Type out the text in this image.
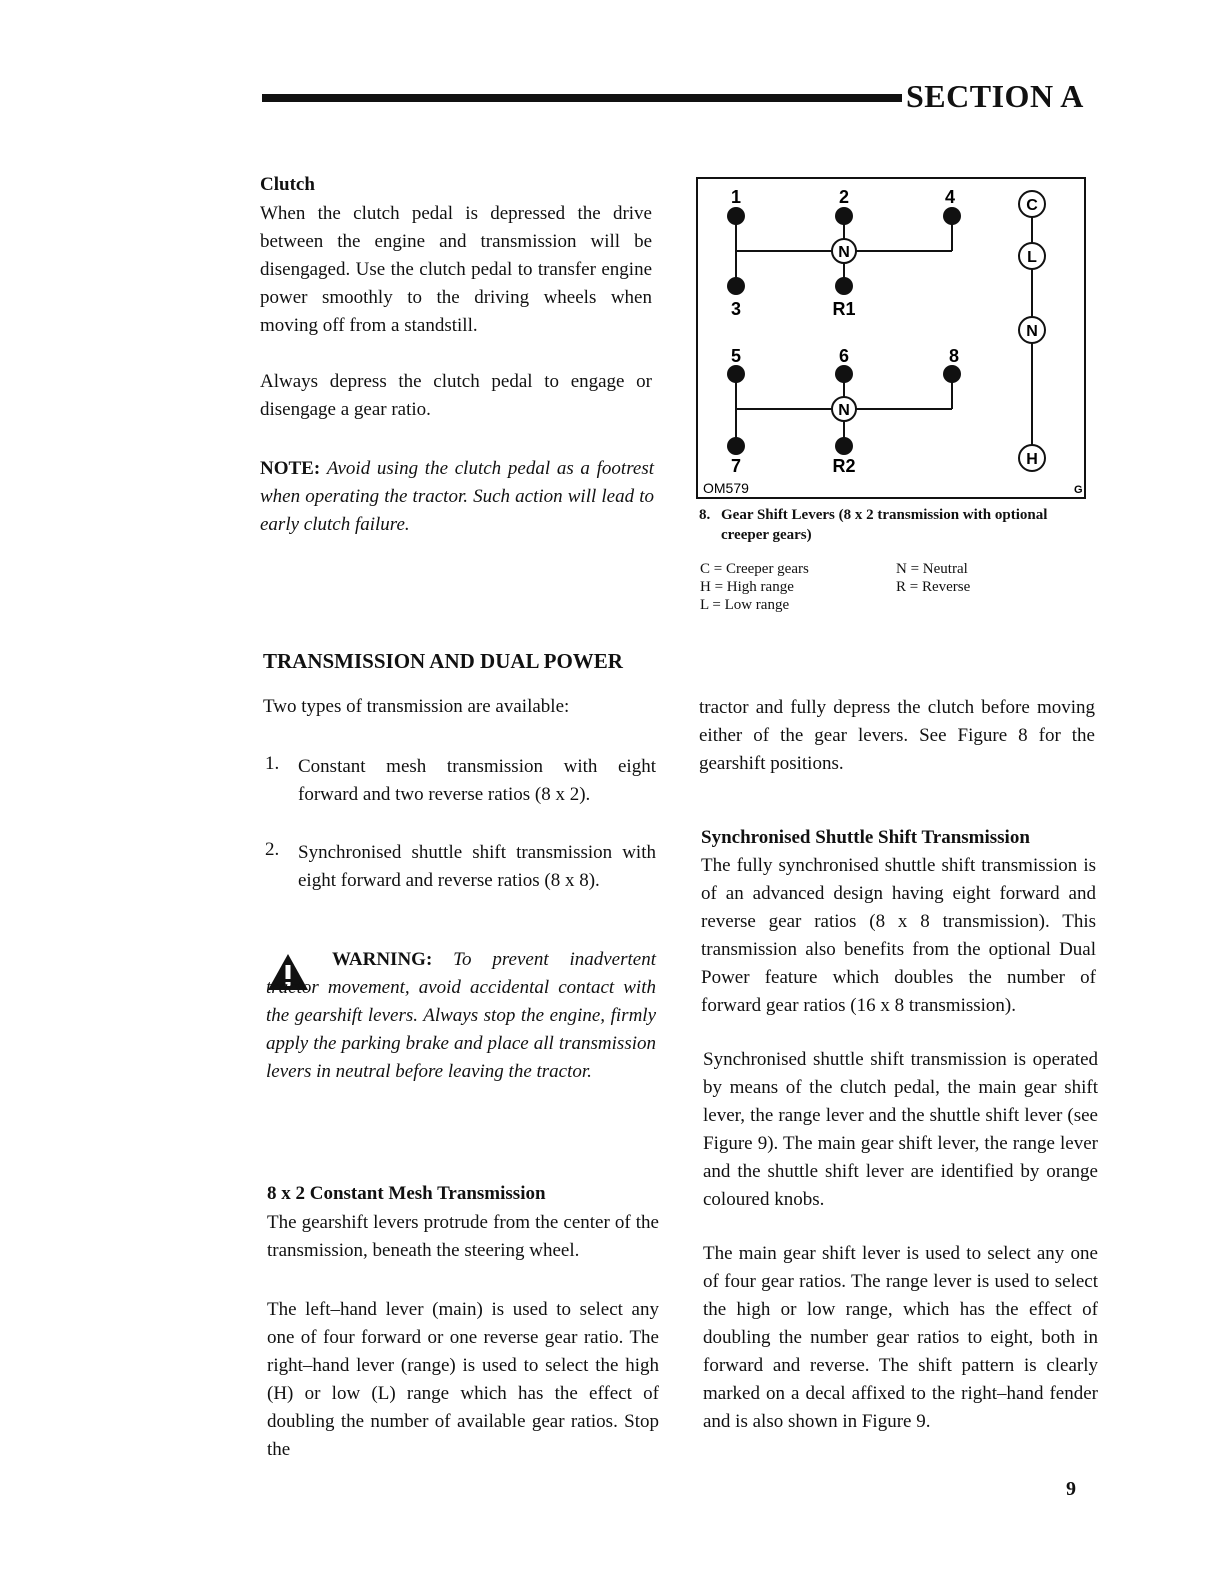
SECTION A
Clutch
When the clutch pedal is depressed the drive between the engine and transmission will be disengaged. Use the clutch pedal to transfer engine power smoothly to the driving wheels when moving off from a standstill.
Always depress the clutch pedal to engage or disengage a gear ratio.
NOTE: Avoid using the clutch pedal as a footrest when operating the tractor. Such action will lead to early clutch failure.
N
1	2	4
3	R1
N
5	6	8
7	R2
C
L
N
H
OM579	G
8. Gear Shift Levers (8 x 2 transmission with optional creeper gears)
C = Creeper gears
H = High range
L = Low range
N = Neutral
R = Reverse
TRANSMISSION AND DUAL POWER
Two types of transmission are available:
1. Constant mesh transmission with eight forward and two reverse ratios (8 x 2).
2. Synchronised shuttle shift transmission with eight forward and reverse ratios (8 x 8).
WARNING: To prevent inadvertent tractor movement, avoid accidental contact with the gearshift levers. Always stop the engine, firmly apply the parking brake and place all transmission levers in neutral before leaving the tractor.
8 x 2 Constant Mesh Transmission
The gearshift levers protrude from the center of the transmission, beneath the steering wheel.
The left–hand lever (main) is used to select any one of four forward or one reverse gear ratio. The right–hand lever (range) is used to select the high (H) or low (L) range which has the effect of doubling the number of available gear ratios. Stop the
tractor and fully depress the clutch before moving either of the gear levers. See Figure 8 for the gearshift positions.
Synchronised Shuttle Shift Transmission
The fully synchronised shuttle shift transmission is of an advanced design having eight forward and reverse gear ratios (8 x 8 transmission). This transmission also benefits from the optional Dual Power feature which doubles the number of forward gear ratios (16 x 8 transmission).
Synchronised shuttle shift transmission is operated by means of the clutch pedal, the main gear shift lever, the range lever and the shuttle shift lever (see Figure 9). The main gear shift lever, the range lever and the shuttle shift lever are identified by orange coloured knobs.
The main gear shift lever is used to select any one of four gear ratios. The range lever is used to select the high or low range, which has the effect of doubling the number gear ratios to eight, both in forward and reverse. The shift pattern is clearly marked on a decal affixed to the right–hand fender and is also shown in Figure 9.
9
